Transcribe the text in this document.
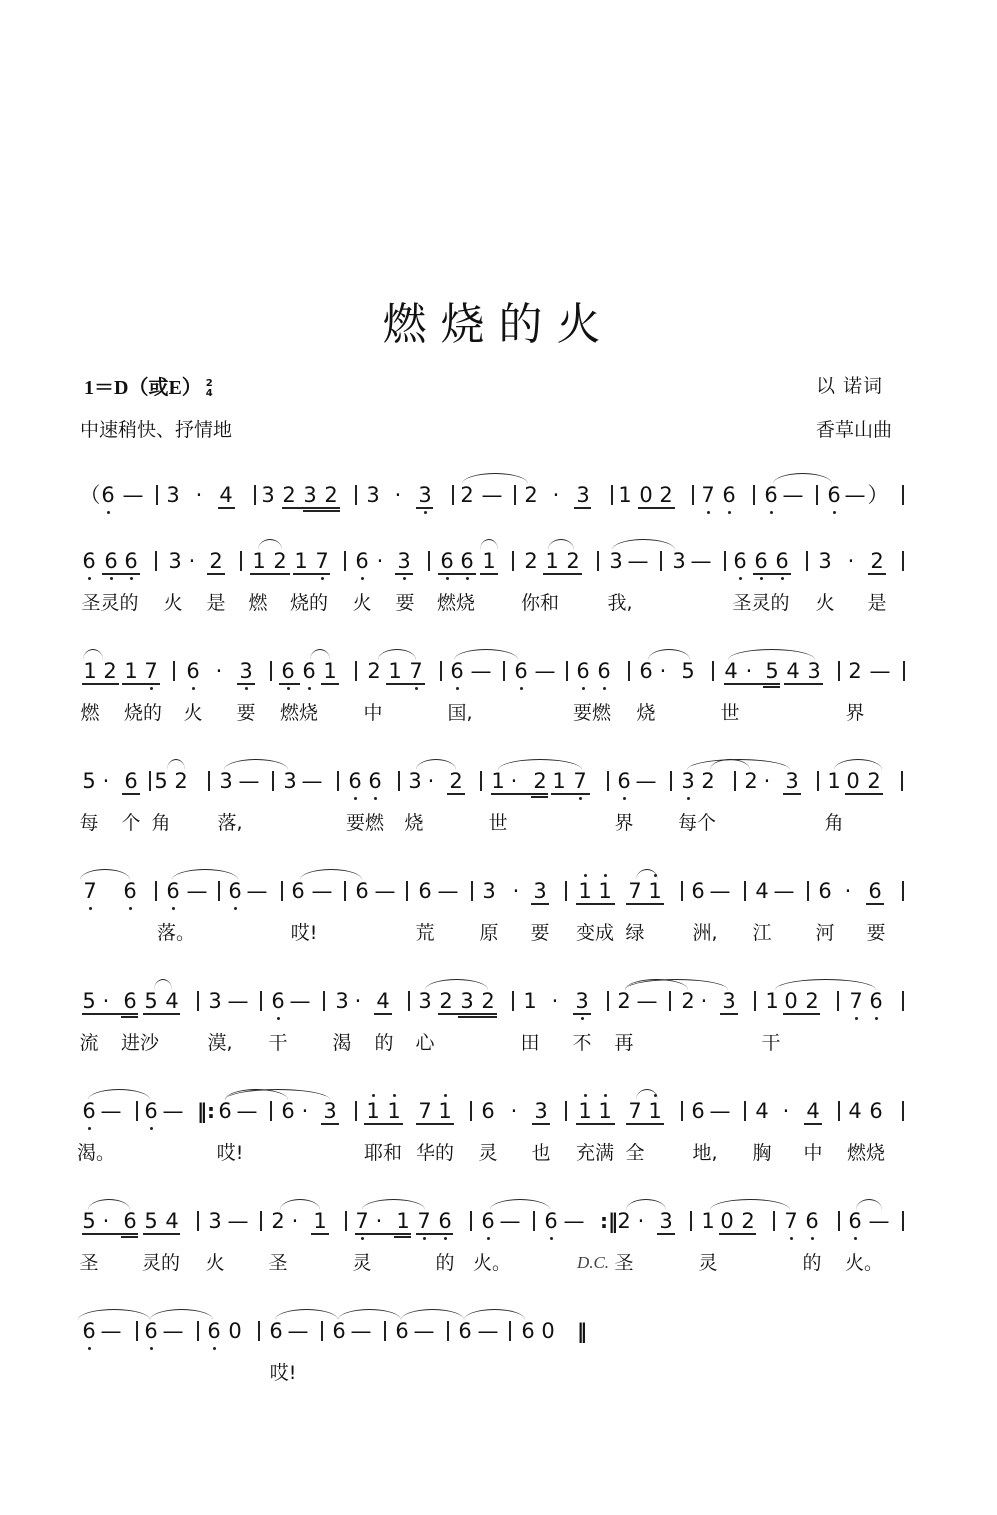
燃烧的火
1＝D（或E） 2
4
中速稍快、抒情地
以 诺词
香草山曲
（ 6 — 3 · 4 3 2 3 2 3 · 3 2 — 2 · 3 1 0 2 7 6 6 — 6 — ）
6 6 6 3 · 2 1 2 1 7 6 · 3 6 6 1 2 1 2 3 — 3 — 6 6 6 3 · 2
圣灵的 火 是 燃 烧的 火 要 燃烧 你和	我,	圣灵的 火 是
1 2 1 7 6 · 3 6 6 1 2 1 7 6 — 6 — 6 6 6 · 5 4 · 5 4 3 2 —
燃 烧的 火 要 燃烧 中	国,	要燃 烧	世	界
5 · 6 5 2 3 — 3 — 6 6 3 · 2 1 · 2 1 7 6 — 3 2 2 · 3 1 0 2
每 个 角 落,	要燃 烧	世	界 每个	角
7 6 6 — 6 — 6 — 6 — 6 — 3 · 3 1 1 7 1 6 — 4 — 6 · 6
落。	哎!	荒 原 要 变成 绿	洲, 江 河 要
5 · 6 5 4 3 — 6 — 3 · 4 3 2 3 2 1 · 3 2 — 2 · 3 1 0 2 7 6
流 进沙	漠, 干 渴 的 心	田 不 再	干
6 — 6 — ‖: 6 — 6 · 3 1 1 7 1 6 · 3 1 1 7 1 6 — 4 · 4 4 6
渴。	哎!	耶和 华的 灵 也 充满 全	地, 胸 中 燃烧
5 · 6 5 4 3 — 2 · 1 7 · 1 7 6 6 — 6 — :‖ 2 · 3 1 0 2 7 6 6 —
圣 灵的 火 圣	灵	的 火。	D.C. 圣	灵	的 火。
6 — 6 — 6 0 6 — 6 — 6 — 6 — 6 0 ‖
哎!
